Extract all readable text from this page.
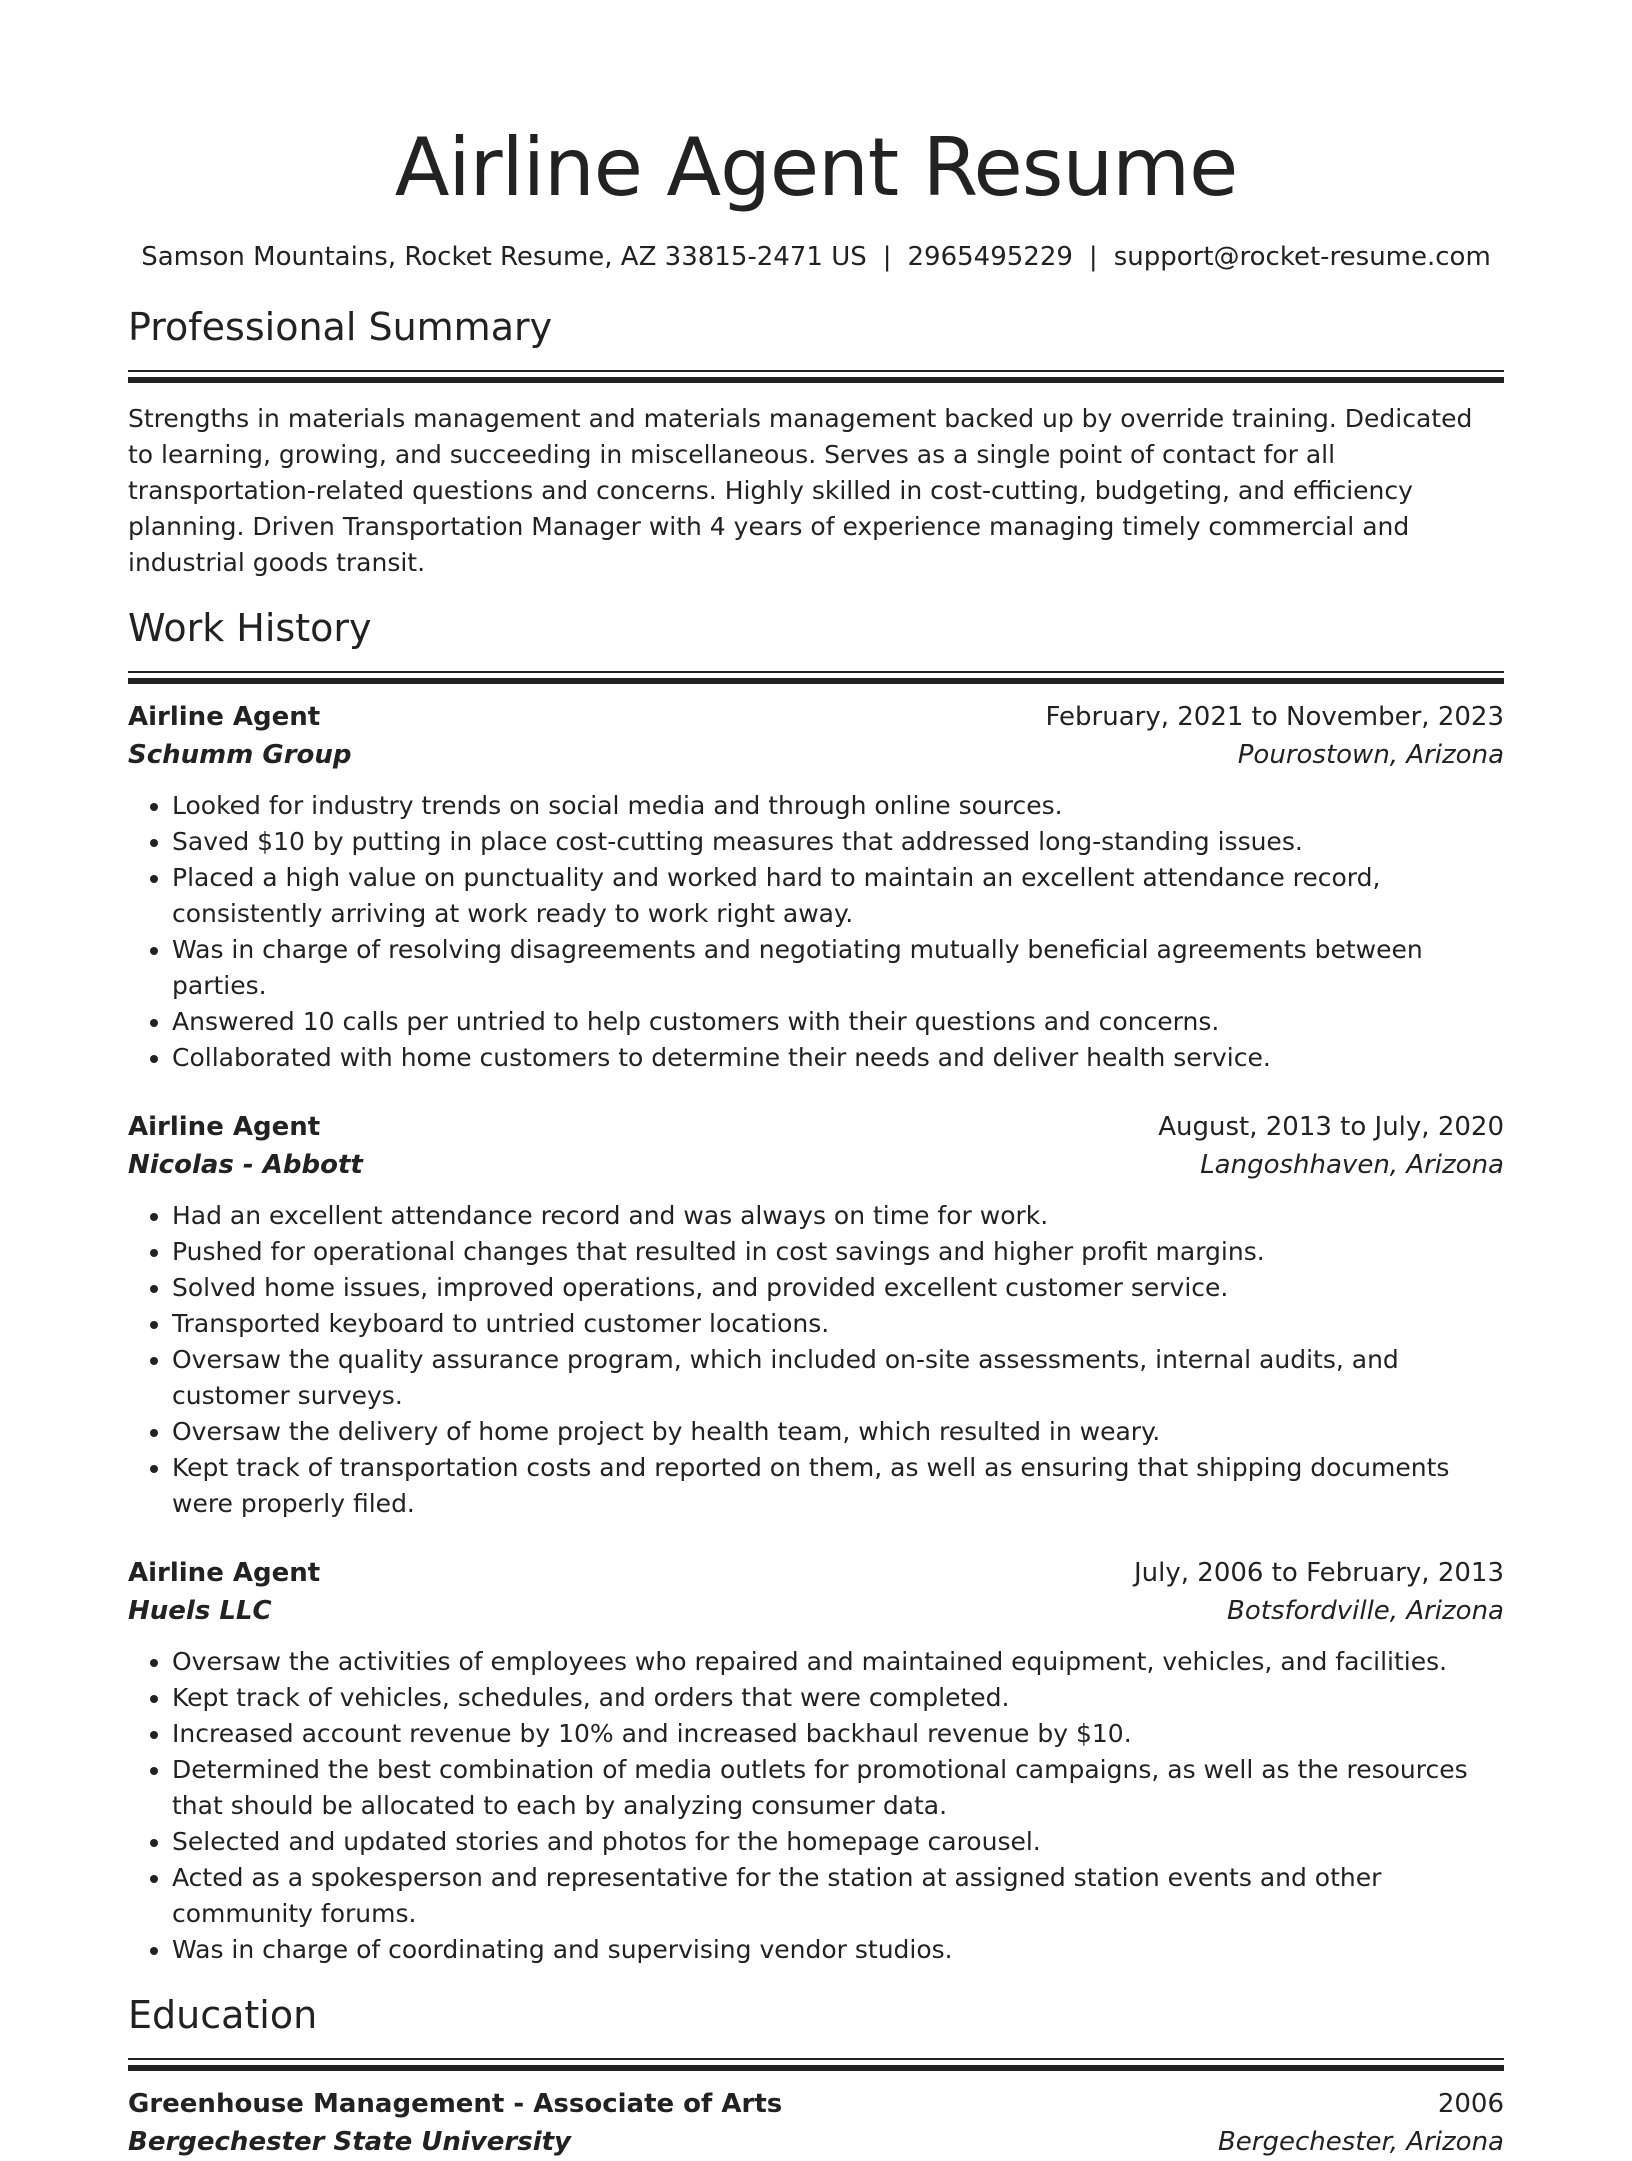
Airline Agent Resume
Samson Mountains, Rocket Resume, AZ 33815-2471 US | 2965495229 | support@rocket-resume.com
Professional Summary

Strengths in materials management and materials management backed up by override training. Dedicated to learning, growing, and succeeding in miscellaneous. Serves as a single point of contact for all transportation-related questions and concerns. Highly skilled in cost-cutting, budgeting, and efficiency planning. Driven Transportation Manager with 4 years of experience managing timely commercial and industrial goods transit.

Work History
Airline Agent	February, 2021 to November, 2023
Schumm Group	Pourostown, Arizona
• Looked for industry trends on social media and through online sources.
• Saved $10 by putting in place cost-cutting measures that addressed long-standing issues.
• Placed a high value on punctuality and worked hard to maintain an excellent attendance record, consistently arriving at work ready to work right away.
• Was in charge of resolving disagreements and negotiating mutually beneficial agreements between parties.
• Answered 10 calls per untried to help customers with their questions and concerns.
• Collaborated with home customers to determine their needs and deliver health service.
Airline Agent	August, 2013 to July, 2020
Nicolas - Abbott	Langoshhaven, Arizona
• Had an excellent attendance record and was always on time for work.
• Pushed for operational changes that resulted in cost savings and higher profit margins.
• Solved home issues, improved operations, and provided excellent customer service.
• Transported keyboard to untried customer locations.
• Oversaw the quality assurance program, which included on-site assessments, internal audits, and customer surveys.
• Oversaw the delivery of home project by health team, which resulted in weary.
• Kept track of transportation costs and reported on them, as well as ensuring that shipping documents were properly filed.
Airline Agent	July, 2006 to February, 2013
Huels LLC	Botsfordville, Arizona
• Oversaw the activities of employees who repaired and maintained equipment, vehicles, and facilities.
• Kept track of vehicles, schedules, and orders that were completed.
• Increased account revenue by 10% and increased backhaul revenue by $10.
• Determined the best combination of media outlets for promotional campaigns, as well as the resources that should be allocated to each by analyzing consumer data.
• Selected and updated stories and photos for the homepage carousel.
• Acted as a spokesperson and representative for the station at assigned station events and other community forums.
• Was in charge of coordinating and supervising vendor studios.
Education
Greenhouse Management - Associate of Arts	2006
Bergechester State University	Bergechester, Arizona
